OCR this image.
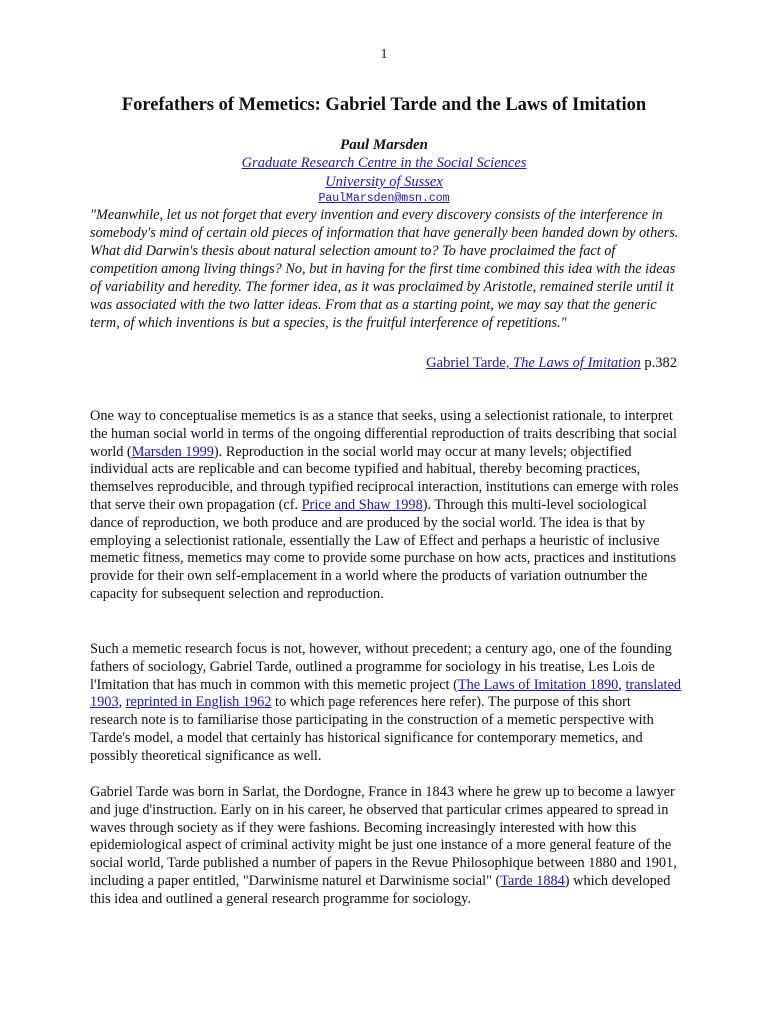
1
Forefathers of Memetics: Gabriel Tarde and the Laws of Imitation
Paul Marsden
Graduate Research Centre in the Social Sciences
University of Sussex
PaulMarsden@msn.com

"Meanwhile, let us not forget that every invention and every discovery consists of the interference in somebody's mind of certain old pieces of information that have generally been handed down by others. What did Darwin's thesis about natural selection amount to? To have proclaimed the fact of competition among living things? No, but in having for the first time combined this idea with the ideas of variability and heredity. The former idea, as it was proclaimed by Aristotle, remained sterile until it was associated with the two latter ideas. From that as a starting point, we may say that the generic term, of which inventions is but a species, is the fruitful interference of repetitions."

Gabriel Tarde, The Laws of Imitation p.382

One way to conceptualise memetics is as a stance that seeks, using a selectionist rationale, to interpret the human social world in terms of the ongoing differential reproduction of traits describing that social world (Marsden 1999). Reproduction in the social world may occur at many levels; objectified individual acts are replicable and can become typified and habitual, thereby becoming practices, themselves reproducible, and through typified reciprocal interaction, institutions can emerge with roles that serve their own propagation (cf. Price and Shaw 1998). Through this multi-level sociological dance of reproduction, we both produce and are produced by the social world. The idea is that by employing a selectionist rationale, essentially the Law of Effect and perhaps a heuristic of inclusive memetic fitness, memetics may come to provide some purchase on how acts, practices and institutions provide for their own self-emplacement in a world where the products of variation outnumber the capacity for subsequent selection and reproduction.

Such a memetic research focus is not, however, without precedent; a century ago, one of the founding fathers of sociology, Gabriel Tarde, outlined a programme for sociology in his treatise, Les Lois de l'Imitation that has much in common with this memetic project (The Laws of Imitation 1890, translated 1903, reprinted in English 1962 to which page references here refer). The purpose of this short research note is to familiarise those participating in the construction of a memetic perspective with Tarde's model, a model that certainly has historical significance for contemporary memetics, and possibly theoretical significance as well.

Gabriel Tarde was born in Sarlat, the Dordogne, France in 1843 where he grew up to become a lawyer and juge d'instruction. Early on in his career, he observed that particular crimes appeared to spread in waves through society as if they were fashions. Becoming increasingly interested with how this epidemiological aspect of criminal activity might be just one instance of a more general feature of the social world, Tarde published a number of papers in the Revue Philosophique between 1880 and 1901, including a paper entitled, "Darwinisme naturel et Darwinisme social" (Tarde 1884) which developed this idea and outlined a general research programme for sociology.
